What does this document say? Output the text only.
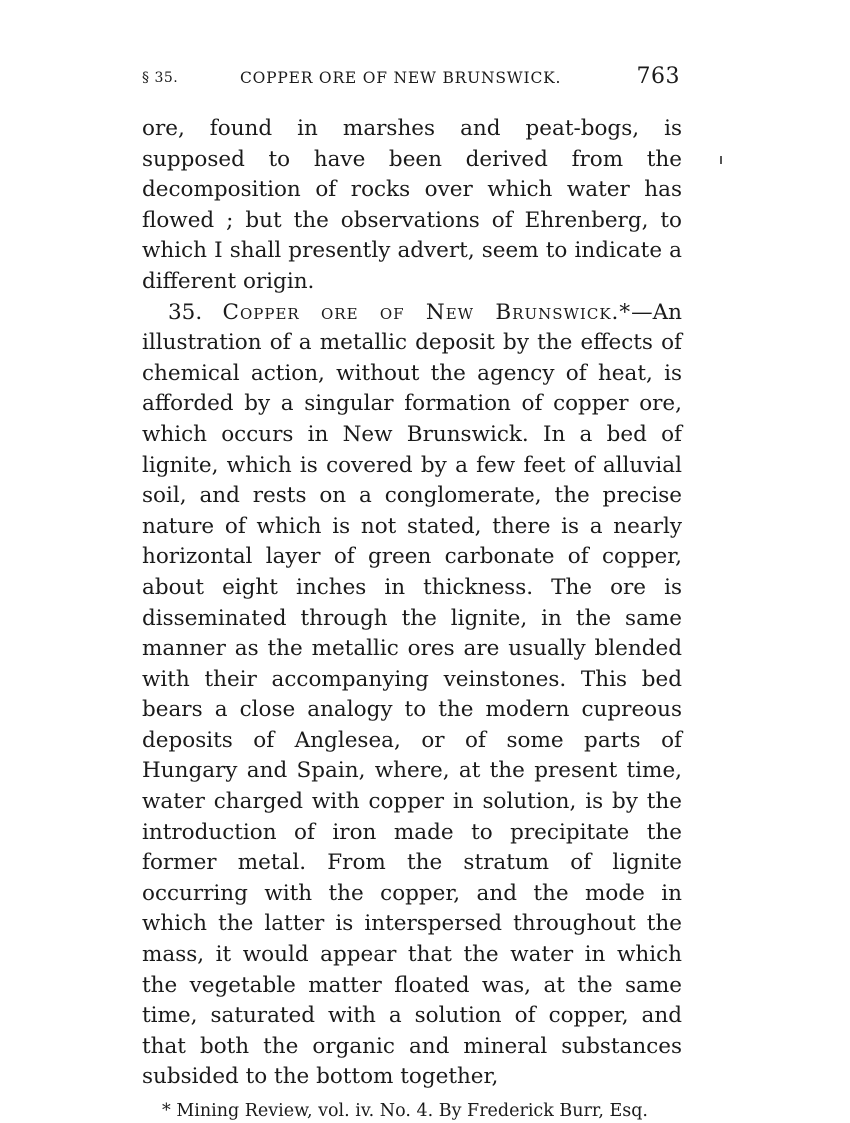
§ 35.	COPPER ORE OF NEW BRUNSWICK.	763

ore, found in marshes and peat-bogs, is supposed to have been derived from the decomposition of rocks over which water has flowed ; but the observations of Ehrenberg, to which I shall presently advert, seem to indicate a different origin.

35. Copper ore of New Brunswick.*—An illustration of a metallic deposit by the effects of chemical action, without the agency of heat, is afforded by a singular formation of copper ore, which occurs in New Brunswick. In a bed of lignite, which is covered by a few feet of alluvial soil, and rests on a conglomerate, the precise nature of which is not stated, there is a nearly horizontal layer of green carbonate of copper, about eight inches in thickness. The ore is disseminated through the lignite, in the same manner as the metallic ores are usually blended with their accompanying veinstones. This bed bears a close analogy to the modern cupreous deposits of Anglesea, or of some parts of Hungary and Spain, where, at the present time, water charged with copper in solution, is by the introduction of iron made to precipitate the former metal. From the stratum of lignite occurring with the copper, and the mode in which the latter is interspersed throughout the mass, it would appear that the water in which the vegetable matter floated was, at the same time, saturated with a solution of copper, and that both the organic and mineral substances subsided to the bottom together,

* Mining Review, vol. iv. No. 4. By Frederick Burr, Esq.
